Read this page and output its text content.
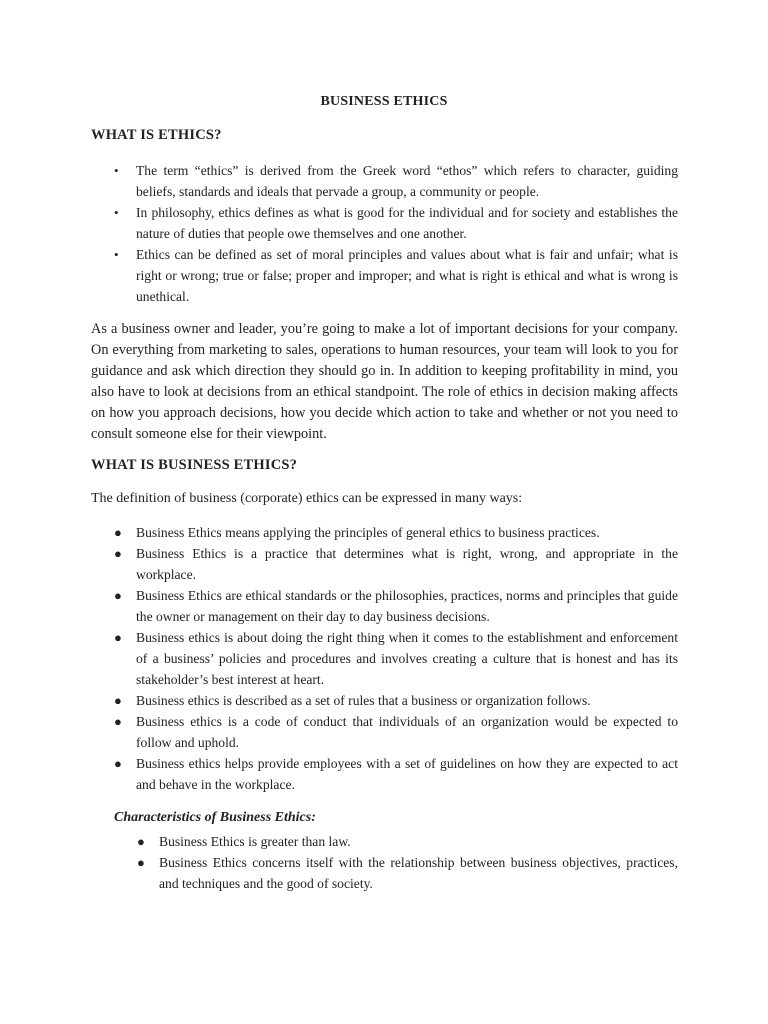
BUSINESS ETHICS
WHAT IS ETHICS?
• The term “ethics” is derived from the Greek word “ethos” which refers to character, guiding beliefs, standards and ideals that pervade a group, a community or people.
• In philosophy, ethics defines as what is good for the individual and for society and establishes the nature of duties that people owe themselves and one another.
• Ethics can be defined as set of moral principles and values about what is fair and unfair; what is right or wrong; true or false; proper and improper; and what is right is ethical and what is wrong is unethical.

As a business owner and leader, you’re going to make a lot of important decisions for your company. On everything from marketing to sales, operations to human resources, your team will look to you for guidance and ask which direction they should go in. In addition to keeping profitability in mind, you also have to look at decisions from an ethical standpoint. The role of ethics in decision making affects on how you approach decisions, how you decide which action to take and whether or not you need to consult someone else for their viewpoint.

WHAT IS BUSINESS ETHICS?

The definition of business (corporate) ethics can be expressed in many ways:

● Business Ethics means applying the principles of general ethics to business practices.
● Business Ethics is a practice that determines what is right, wrong, and appropriate in the workplace.
● Business Ethics are ethical standards or the philosophies, practices, norms and principles that guide the owner or management on their day to day business decisions.
● Business ethics is about doing the right thing when it comes to the establishment and enforcement of a business’ policies and procedures and involves creating a culture that is honest and has its stakeholder’s best interest at heart.
● Business ethics is described as a set of rules that a business or organization follows.
● Business ethics is a code of conduct that individuals of an organization would be expected to follow and uphold.
● Business ethics helps provide employees with a set of guidelines on how they are expected to act and behave in the workplace.
Characteristics of Business Ethics:
● Business Ethics is greater than law.
● Business Ethics concerns itself with the relationship between business objectives, practices, and techniques and the good of society.
